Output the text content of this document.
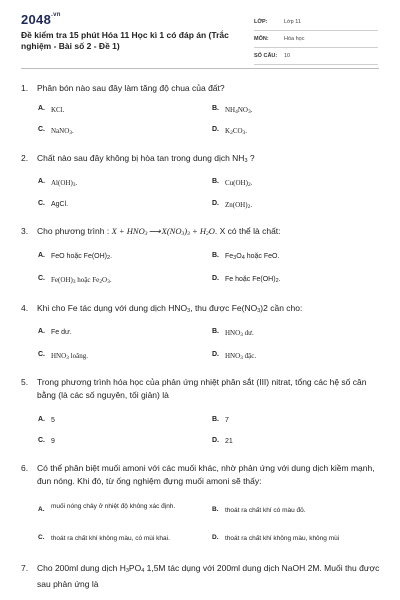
$2048^{.vn}$
Đề kiểm tra 15 phút Hóa 11 Học kì 1 có đáp án (Trắc nghiệm - Bài số 2 - Đề 1)
LỚP:	Lớp 11
MÔN:	Hóa học
SỐ CÂU:	10
1.	Phân bón nào sau đây làm tăng độ chua của đất?
A. KCl.	B. NH4NO3.
C. NaNO3.	D. K2CO3.
2.	Chất nào sau đây không bị hòa tan trong dung dịch NH3 ?
A. Al(OH)3.	B. Cu(OH)2.
C. AgCl.	D. Zn(OH)2.
3.	Cho phương trình : X + HNO3⟶X(NO3)3 + H2O. X có thể là chất:
A. FeO hoặc Fe(OH)2.	B. Fe3O4 hoặc FeO.
C. Fe(OH)3 hoặc Fe2O3.	D. Fe hoặc Fe(OH)2.
4.	Khi cho Fe tác dụng với dung dịch HNO3, thu được Fe(NO3)2 cần cho:
A. Fe dư.	B. HNO3 dư.
C. HNO3 loãng.	D. HNO3 đặc.
5.	Trong phương trình hóa học của phản ứng nhiệt phân sắt (III) nitrat, tổng các hệ số cân bằng (là các số nguyên, tối giản) là
A. 5	B. 7
C. 9	D. 21
6.	Có thể phân biệt muối amoni với các muối khác, nhờ phản ứng với dung dịch kiềm mạnh, đun nóng. Khi đó, từ ống nghiệm đựng muối amoni sẽ thấy:
A.	muối nóng chảy ở nhiệt độ không xác định.	B.	thoát ra chất khí có màu đỏ.
C.	thoát ra chất khí không màu, có mùi khai.	D.	thoát ra chất khí không màu, không mùi
7.	Cho 200ml dung dịch H3PO4 1,5M tác dụng với 200ml dung dịch NaOH 2M. Muối thu được sau phản ứng là
